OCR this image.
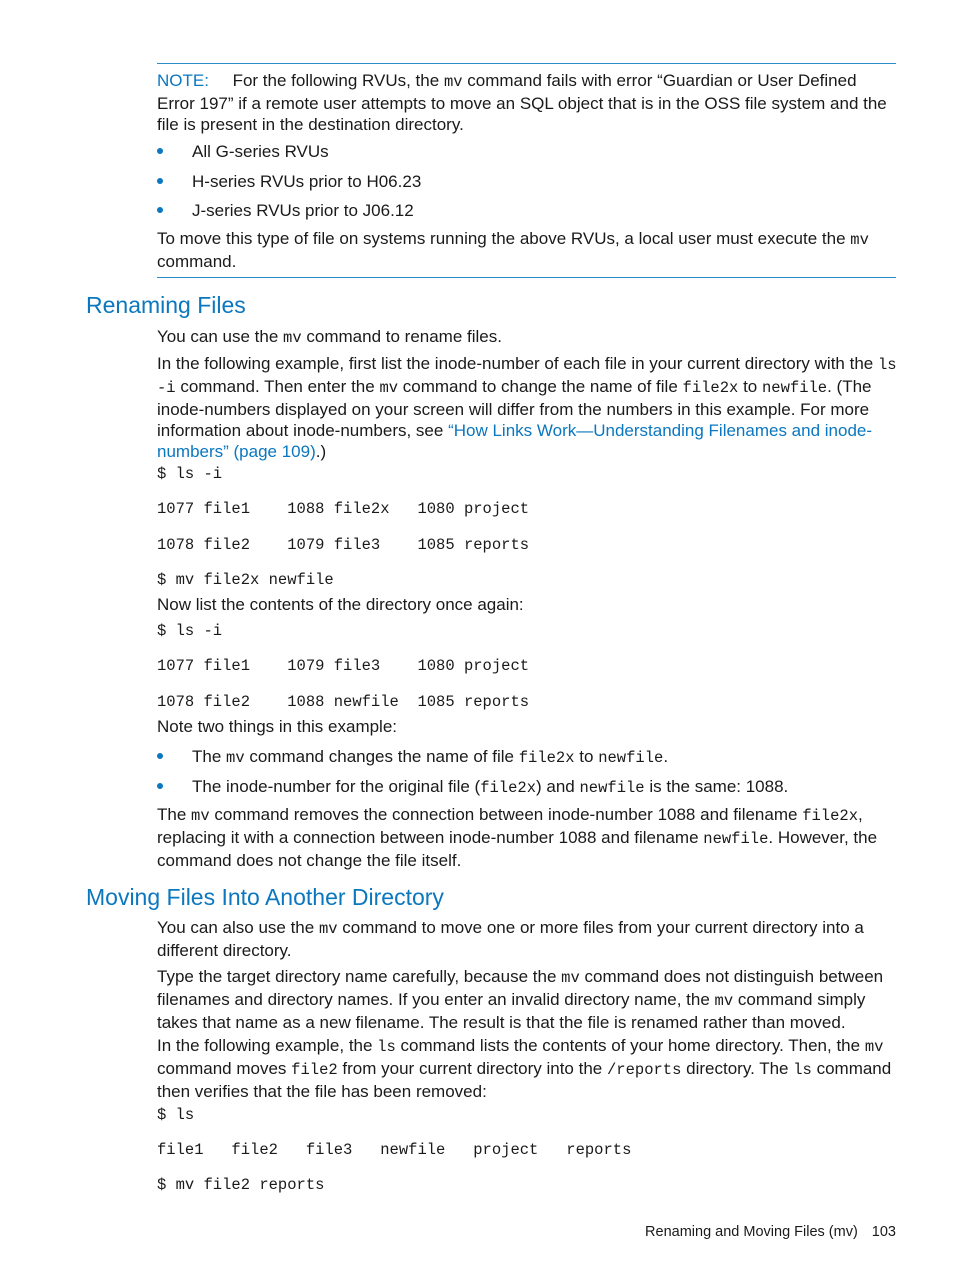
NOTE: For the following RVUs, the mv command fails with error “Guardian or User Defined Error 197” if a remote user attempts to move an SQL object that is in the OSS file system and the file is present in the destination directory.

All G-series RVUs
H-series RVUs prior to H06.23
J-series RVUs prior to J06.12

To move this type of file on systems running the above RVUs, a local user must execute the mv command.

Renaming Files

You can use the mv command to rename files.

In the following example, first list the inode-number of each file in your current directory with the ls -i command. Then enter the mv command to change the name of file file2x to newfile. (The inode-numbers displayed on your screen will differ from the numbers in this example. For more information about inode-numbers, see “How Links Work—Understanding Filenames and inode-numbers” (page 109).)

$ ls -i
1077 file1    1088 file2x   1080 project
1078 file2    1079 file3    1085 reports
$ mv file2x newfile

Now list the contents of the directory once again:

$ ls -i
1077 file1    1079 file3    1080 project
1078 file2    1088 newfile  1085 reports

Note two things in this example:

The mv command changes the name of file file2x to newfile.
The inode-number for the original file (file2x) and newfile is the same: 1088.

The mv command removes the connection between inode-number 1088 and filename file2x, replacing it with a connection between inode-number 1088 and filename newfile. However, the command does not change the file itself.

Moving Files Into Another Directory

You can also use the mv command to move one or more files from your current directory into a different directory.

Type the target directory name carefully, because the mv command does not distinguish between filenames and directory names. If you enter an invalid directory name, the mv command simply takes that name as a new filename. The result is that the file is renamed rather than moved.

In the following example, the ls command lists the contents of your home directory. Then, the mv command moves file2 from your current directory into the /reports directory. The ls command then verifies that the file has been removed:

$ ls
file1   file2   file3   newfile   project   reports
$ mv file2 reports
Renaming and Moving Files (mv) 103
